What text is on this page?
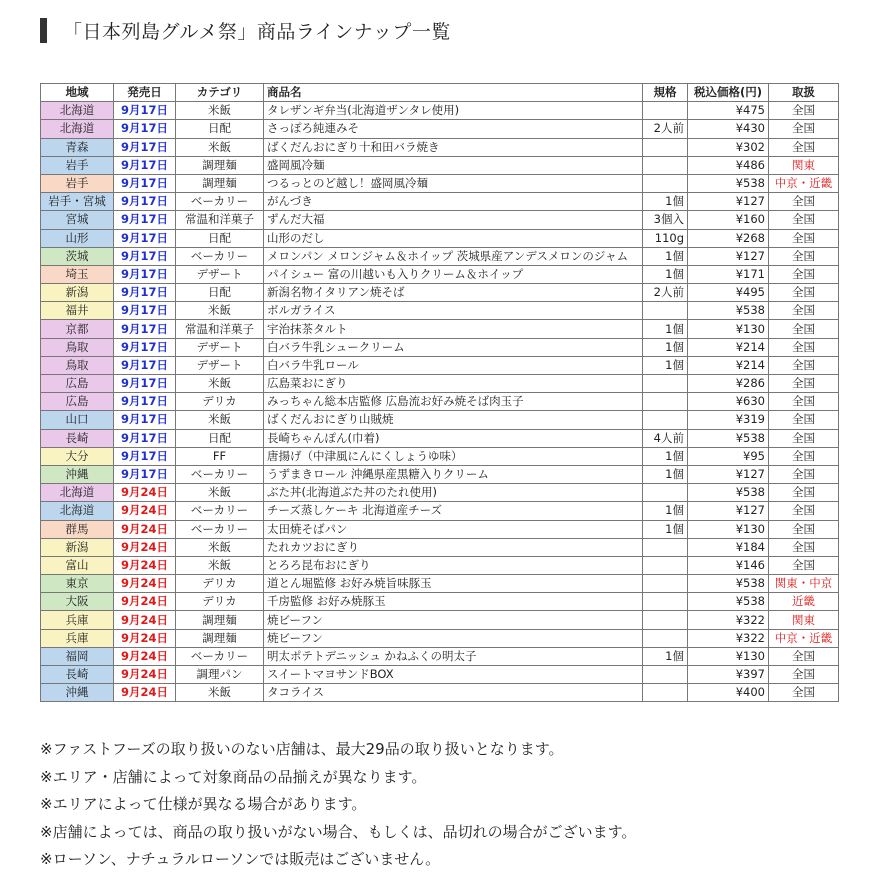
「日本列島グルメ祭」商品ラインナップ一覧
地域	発売日	カテゴリ	商品名	規格	税込価格(円)	取扱
北海道	9月17日	米飯	タレザンギ弁当(北海道ザンタレ使用)		¥475	全国
北海道	9月17日	日配	さっぽろ純連みそ	2人前	¥430	全国
青森	9月17日	米飯	ばくだんおにぎり十和田バラ焼き		¥302	全国
岩手	9月17日	調理麺	盛岡風冷麺		¥486	関東
岩手	9月17日	調理麺	つるっとのど越し！盛岡風冷麺		¥538	中京・近畿
岩手・宮城	9月17日	ベーカリー	がんづき	1個	¥127	全国
宮城	9月17日	常温和洋菓子	ずんだ大福	3個入	¥160	全国
山形	9月17日	日配	山形のだし	110g	¥268	全国
茨城	9月17日	ベーカリー	メロンパン メロンジャム＆ホイップ 茨城県産アンデスメロンのジャム	1個	¥127	全国
埼玉	9月17日	デザート	パイシュー 富の川越いも入りクリーム＆ホイップ	1個	¥171	全国
新潟	9月17日	日配	新潟名物イタリアン焼そば	2人前	¥495	全国
福井	9月17日	米飯	ボルガライス		¥538	全国
京都	9月17日	常温和洋菓子	宇治抹茶タルト	1個	¥130	全国
鳥取	9月17日	デザート	白バラ牛乳シュークリーム	1個	¥214	全国
鳥取	9月17日	デザート	白バラ牛乳ロール	1個	¥214	全国
広島	9月17日	米飯	広島菜おにぎり		¥286	全国
広島	9月17日	デリカ	みっちゃん総本店監修 広島流お好み焼そば肉玉子		¥630	全国
山口	9月17日	米飯	ばくだんおにぎり山賊焼		¥319	全国
長崎	9月17日	日配	長崎ちゃんぽん(巾着)	4人前	¥538	全国
大分	9月17日	FF	唐揚げ（中津風にんにくしょうゆ味）	1個	¥95	全国
沖縄	9月17日	ベーカリー	うずまきロール 沖縄県産黒糖入りクリーム	1個	¥127	全国
北海道	9月24日	米飯	ぶた丼(北海道ぶた丼のたれ使用)		¥538	全国
北海道	9月24日	ベーカリー	チーズ蒸しケーキ 北海道産チーズ	1個	¥127	全国
群馬	9月24日	ベーカリー	太田焼そばパン	1個	¥130	全国
新潟	9月24日	米飯	たれカツおにぎり		¥184	全国
富山	9月24日	米飯	とろろ昆布おにぎり		¥146	全国
東京	9月24日	デリカ	道とん堀監修 お好み焼旨味豚玉		¥538	関東・中京
大阪	9月24日	デリカ	千房監修 お好み焼豚玉		¥538	近畿
兵庫	9月24日	調理麺	焼ビーフン		¥322	関東
兵庫	9月24日	調理麺	焼ビーフン		¥322	中京・近畿
福岡	9月24日	ベーカリー	明太ポテトデニッシュ かねふくの明太子	1個	¥130	全国
長崎	9月24日	調理パン	スイートマヨサンドBOX		¥397	全国
沖縄	9月24日	米飯	タコライス		¥400	全国
※ファストフーズの取り扱いのない店舗は、最大29品の取り扱いとなります。
※エリア・店舗によって対象商品の品揃えが異なります。
※エリアによって仕様が異なる場合があります。
※店舗によっては、商品の取り扱いがない場合、もしくは、品切れの場合がございます。
※ローソン、ナチュラルローソンでは販売はございません。
